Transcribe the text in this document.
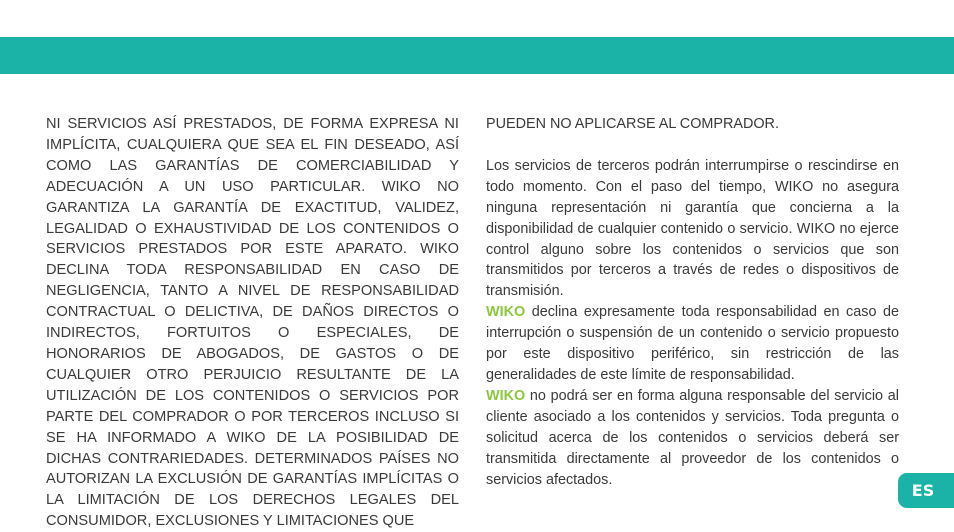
NI SERVICIOS ASÍ PRESTADOS, DE FORMA EXPRESA NI IMPLÍCITA, CUALQUIERA QUE SEA EL FIN DESEADO, ASÍ COMO LAS GARANTÍAS DE COMERCIABILIDAD Y ADECUACIÓN A UN USO PARTICULAR. WIKO NO GARANTIZA LA GARANTÍA DE EXACTITUD, VALIDEZ, LEGALIDAD O EXHAUSTIVIDAD DE LOS CONTENIDOS O SERVICIOS PRESTADOS POR ESTE APARATO. WIKO DECLINA TODA RESPONSABILIDAD EN CASO DE NEGLIGENCIA, TANTO A NIVEL DE RESPONSABILIDAD CONTRACTUAL O DELICTIVA, DE DAÑOS DIRECTOS O INDIRECTOS, FORTUITOS O ESPECIALES, DE HONORARIOS DE ABOGADOS, DE GASTOS O DE CUALQUIER OTRO PERJUICIO RESULTANTE DE LA UTILIZACIÓN DE LOS CONTENIDOS O SERVICIOS POR PARTE DEL COMPRADOR O POR TERCEROS INCLUSO SI SE HA INFORMADO A WIKO DE LA POSIBILIDAD DE DICHAS CONTRARIEDADES. DETERMINADOS PAÍSES NO AUTORIZAN LA EXCLUSIÓN DE GARANTÍAS IMPLÍCITAS O LA LIMITACIÓN DE LOS DERECHOS LEGALES DEL CONSUMIDOR, EXCLUSIONES Y LIMITACIONES QUE

PUEDEN NO APLICARSE AL COMPRADOR.

Los servicios de terceros podrán interrumpirse o rescindirse en todo momento. Con el paso del tiempo, WIKO no asegura ninguna representación ni garantía que concierna a la disponibilidad de cualquier contenido o servicio. WIKO no ejerce control alguno sobre los contenidos o servicios que son transmitidos por terceros a través de redes o dispositivos de transmisión.

WIKO declina expresamente toda responsabilidad en caso de interrupción o suspensión de un contenido o servicio propuesto por este dispositivo periférico, sin restricción de las generalidades de este límite de responsabilidad.

WIKO no podrá ser en forma alguna responsable del servicio al cliente asociado a los contenidos y servicios. Toda pregunta o solicitud acerca de los contenidos o servicios deberá ser transmitida directamente al proveedor de los contenidos o servicios afectados.

ES
